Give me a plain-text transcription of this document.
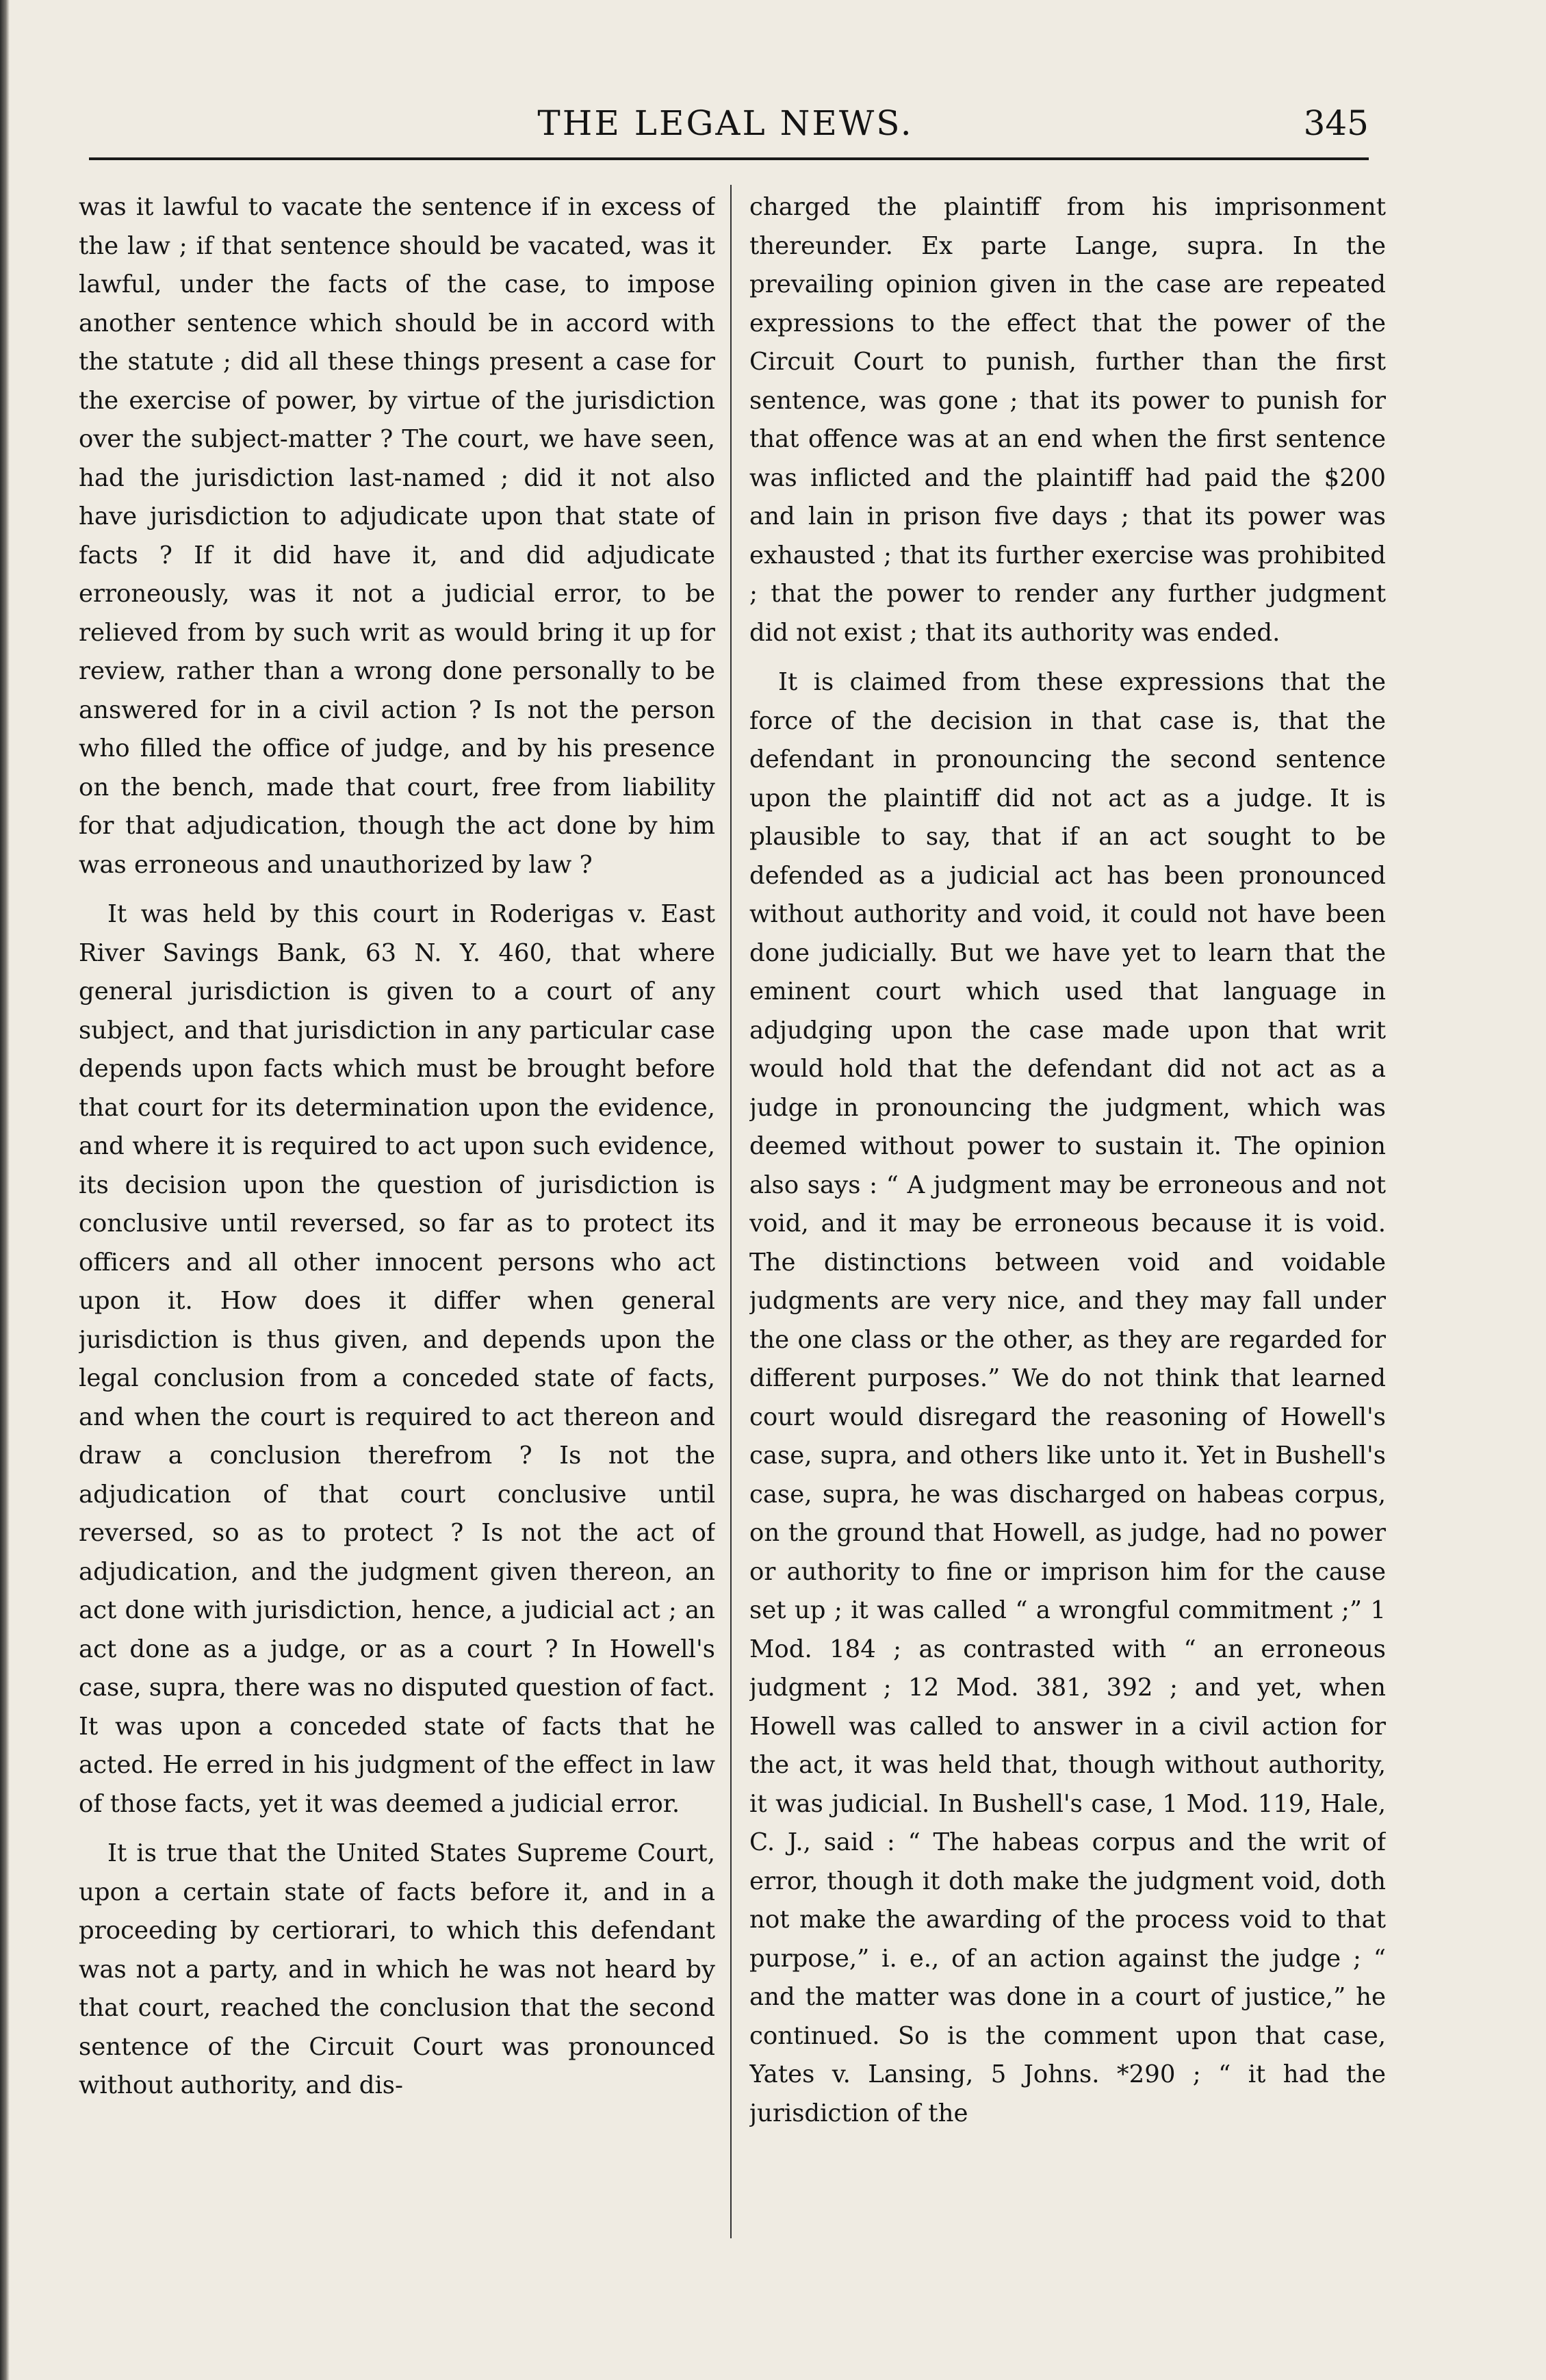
THE LEGAL NEWS.	345

was it lawful to vacate the sentence if in excess of the law ; if that sentence should be vacated, was it lawful, under the facts of the case, to impose another sentence which should be in accord with the statute ; did all these things present a case for the exercise of power, by virtue of the jurisdiction over the subject-matter ? The court, we have seen, had the jurisdiction last-named ; did it not also have jurisdiction to adjudicate upon that state of facts ? If it did have it, and did adjudicate erroneously, was it not a judicial error, to be relieved from by such writ as would bring it up for review, rather than a wrong done personally to be answered for in a civil action ? Is not the person who filled the office of judge, and by his presence on the bench, made that court, free from liability for that adjudication, though the act done by him was erroneous and unauthorized by law ?

It was held by this court in Roderigas v. East River Savings Bank, 63 N. Y. 460, that where general jurisdiction is given to a court of any subject, and that jurisdiction in any particular case depends upon facts which must be brought before that court for its determination upon the evidence, and where it is required to act upon such evidence, its decision upon the question of jurisdiction is conclusive until reversed, so far as to protect its officers and all other innocent persons who act upon it. How does it differ when general jurisdiction is thus given, and depends upon the legal conclusion from a conceded state of facts, and when the court is required to act thereon and draw a conclusion therefrom ? Is not the adjudication of that court conclusive until reversed, so as to protect ? Is not the act of adjudication, and the judgment given thereon, an act done with jurisdiction, hence, a judicial act ; an act done as a judge, or as a court ? In Howell's case, supra, there was no disputed question of fact. It was upon a conceded state of facts that he acted. He erred in his judgment of the effect in law of those facts, yet it was deemed a judicial error.

It is true that the United States Supreme Court, upon a certain state of facts before it, and in a proceeding by certiorari, to which this defendant was not a party, and in which he was not heard by that court, reached the conclusion that the second sentence of the Circuit Court was pronounced without authority, and dis-

charged the plaintiff from his imprisonment thereunder. Ex parte Lange, supra. In the prevailing opinion given in the case are repeated expressions to the effect that the power of the Circuit Court to punish, further than the first sentence, was gone ; that its power to punish for that offence was at an end when the first sentence was inflicted and the plaintiff had paid the $200 and lain in prison five days ; that its power was exhausted ; that its further exercise was prohibited ; that the power to render any further judgment did not exist ; that its authority was ended.

It is claimed from these expressions that the force of the decision in that case is, that the defendant in pronouncing the second sentence upon the plaintiff did not act as a judge. It is plausible to say, that if an act sought to be defended as a judicial act has been pronounced without authority and void, it could not have been done judicially. But we have yet to learn that the eminent court which used that language in adjudging upon the case made upon that writ would hold that the defendant did not act as a judge in pronouncing the judgment, which was deemed without power to sustain it. The opinion also says : “ A judgment may be erroneous and not void, and it may be erroneous because it is void. The distinctions between void and voidable judgments are very nice, and they may fall under the one class or the other, as they are regarded for different purposes.” We do not think that learned court would disregard the reasoning of Howell's case, supra, and others like unto it. Yet in Bushell's case, supra, he was discharged on habeas corpus, on the ground that Howell, as judge, had no power or authority to fine or imprison him for the cause set up ; it was called “ a wrongful commitment ;” 1 Mod. 184 ; as contrasted with “ an erroneous judgment ; 12 Mod. 381, 392 ; and yet, when Howell was called to answer in a civil action for the act, it was held that, though without authority, it was judicial. In Bushell's case, 1 Mod. 119, Hale, C. J., said : “ The habeas corpus and the writ of error, though it doth make the judgment void, doth not make the awarding of the process void to that purpose,” i. e., of an action against the judge ; “ and the matter was done in a court of justice,” he continued. So is the comment upon that case, Yates v. Lansing, 5 Johns. *290 ; “ it had the jurisdiction of the
